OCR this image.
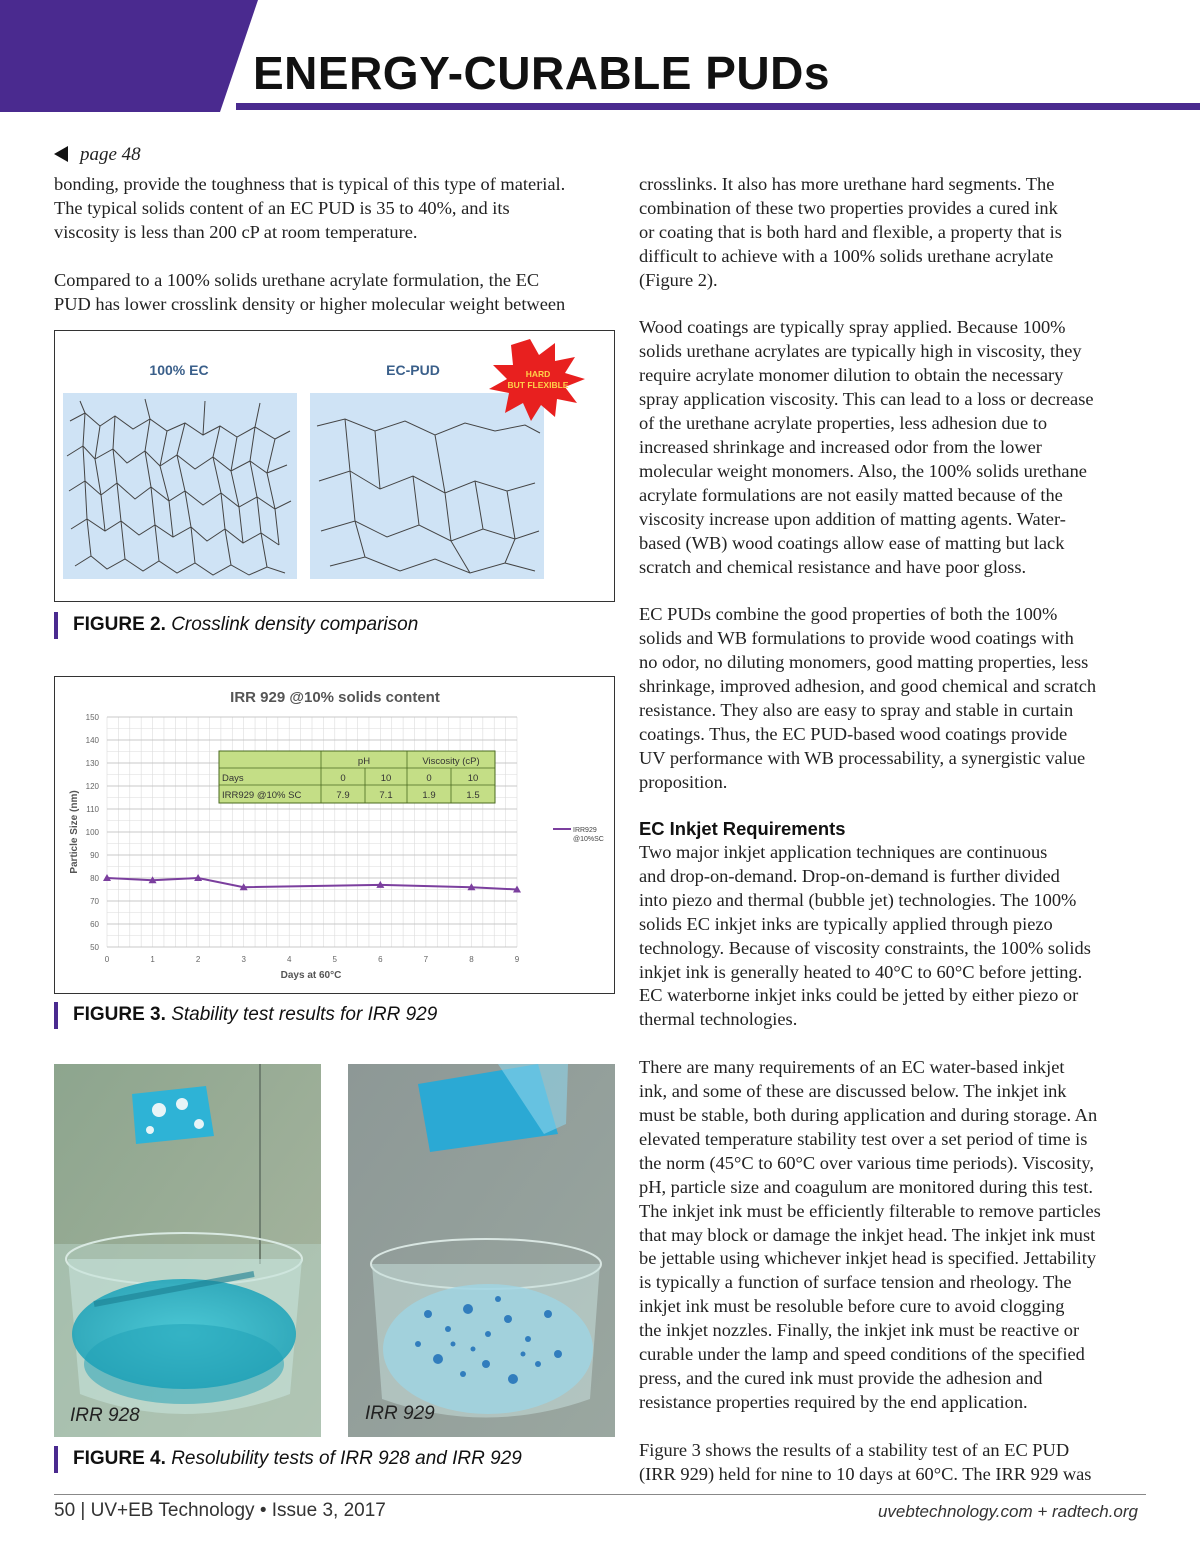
ENERGY-CURABLE PUDs
page 48
bonding, provide the toughness that is typical of this type of material.
The typical solids content of an EC PUD is 35 to 40%, and its
viscosity is less than 200 cP at room temperature.

Compared to a 100% solids urethane acrylate formulation, the EC
PUD has lower crosslink density or higher molecular weight between
100% EC	EC-PUD	HARD
BUT FLEXIBLE
FIGURE 2. Crosslink density comparison
IRR 929 @10% solids content
50
60
70
80
90
100
110
120
130
140
150
0	1	2	3	4	5	6	7	8	9
Particle Size (nm)
Days at 60°C
pH	Viscosity (cP)
Days	0	10	0	10
IRR929 @10% SC	7.9	7.1	1.9	1.5
IRR929
@10%SC
FIGURE 3. Stability test results for IRR 929
IRR 928	IRR 929
FIGURE 4. Resolubility tests of IRR 928 and IRR 929
crosslinks. It also has more urethane hard segments. The
combination of these two properties provides a cured ink
or coating that is both hard and flexible, a property that is
difficult to achieve with a 100% solids urethane acrylate
(Figure 2).

Wood coatings are typically spray applied. Because 100%
solids urethane acrylates are typically high in viscosity, they
require acrylate monomer dilution to obtain the necessary
spray application viscosity. This can lead to a loss or decrease
of the urethane acrylate properties, less adhesion due to
increased shrinkage and increased odor from the lower
molecular weight monomers. Also, the 100% solids urethane
acrylate formulations are not easily matted because of the
viscosity increase upon addition of matting agents. Water-
based (WB) wood coatings allow ease of matting but lack
scratch and chemical resistance and have poor gloss.

EC PUDs combine the good properties of both the 100%
solids and WB formulations to provide wood coatings with
no odor, no diluting monomers, good matting properties, less
shrinkage, improved adhesion, and good chemical and scratch
resistance. They also are easy to spray and stable in curtain
coatings. Thus, the EC PUD-based wood coatings provide
UV performance with WB processability, a synergistic value
proposition.
EC Inkjet Requirements
Two major inkjet application techniques are continuous
and drop-on-demand. Drop-on-demand is further divided
into piezo and thermal (bubble jet) technologies. The 100%
solids EC inkjet inks are typically applied through piezo
technology. Because of viscosity constraints, the 100% solids
inkjet ink is generally heated to 40°C to 60°C before jetting.
EC waterborne inkjet inks could be jetted by either piezo or
thermal technologies.

There are many requirements of an EC water-based inkjet
ink, and some of these are discussed below. The inkjet ink
must be stable, both during application and during storage. An
elevated temperature stability test over a set period of time is
the norm (45°C to 60°C over various time periods). Viscosity,
pH, particle size and coagulum are monitored during this test.
The inkjet ink must be efficiently filterable to remove particles
that may block or damage the inkjet head. The inkjet ink must
be jettable using whichever inkjet head is specified. Jettability
is typically a function of surface tension and rheology. The
inkjet ink must be resoluble before cure to avoid clogging
the inkjet nozzles. Finally, the inkjet ink must be reactive or
curable under the lamp and speed conditions of the specified
press, and the cured ink must provide the adhesion and
resistance properties required by the end application.

Figure 3 shows the results of a stability test of an EC PUD
(IRR 929) held for nine to 10 days at 60°C. The IRR 929 was
50 | UV+EB Technology • Issue 3, 2017	uvebtechnology.com + radtech.org
